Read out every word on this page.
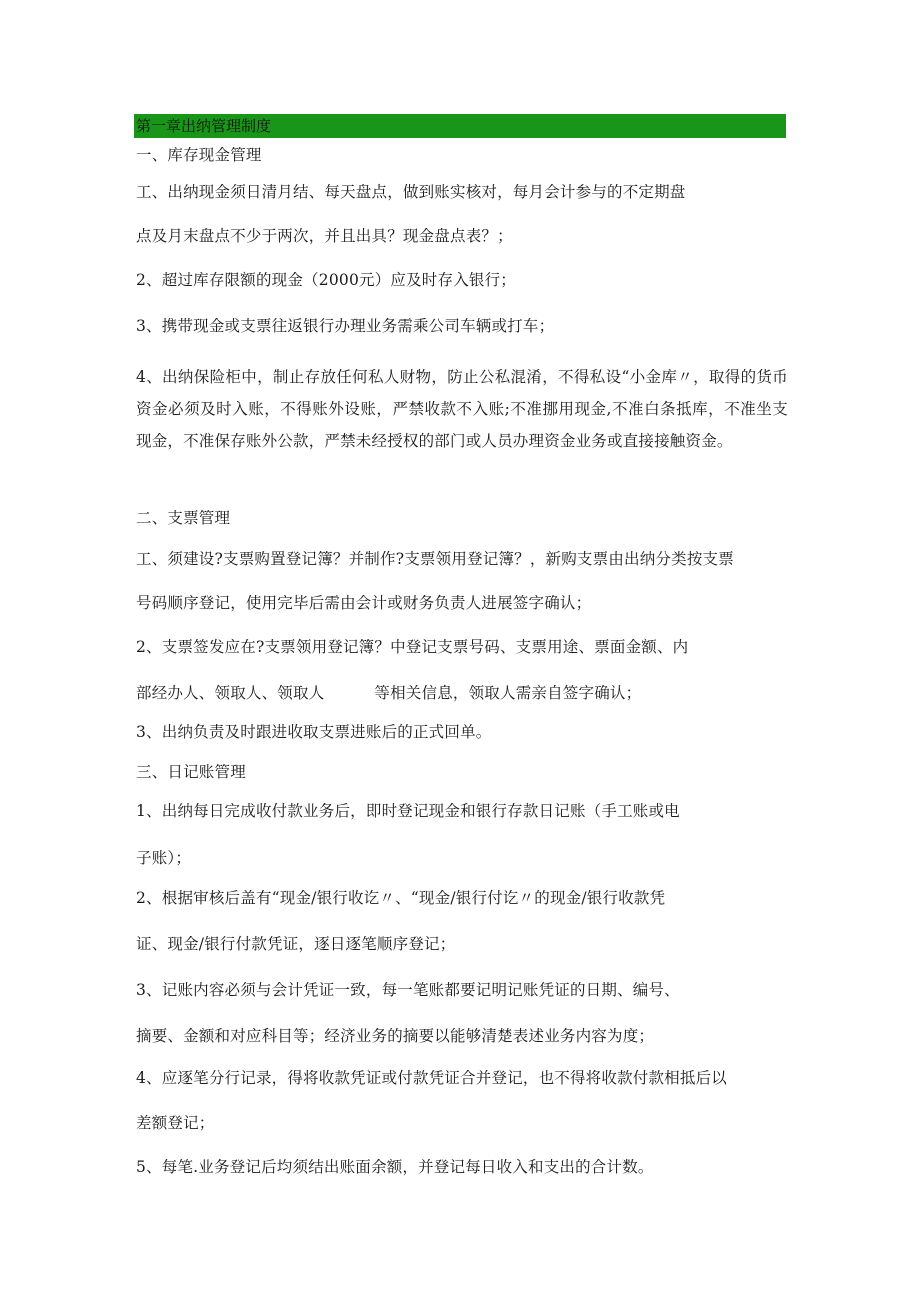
第一章出纳管理制度
一、库存现金管理
工、出纳现金须日清月结、每天盘点，做到账实核对，每月会计参与的不定期盘
点及月末盘点不少于两次，并且出具？现金盘点表？；
2、超过库存限额的现金（2000元）应及时存入银行；
3、携带现金或支票往返银行办理业务需乘公司车辆或打车；
4、出纳保险柜中，制止存放任何私人财物，防止公私混淆，不得私设“小金库〃，取得的货币资金必须及时入账，不得账外设账，严禁收款不入账;不准挪用现金,不准白条抵库，不准坐支现金，不准保存账外公款，严禁未经授权的部门或人员办理资金业务或直接接触资金。
二、支票管理
工、须建设?支票购置登记簿？并制作?支票领用登记簿？，新购支票由出纳分类按支票
号码顺序登记，使用完毕后需由会计或财务负责人进展签字确认；
2、支票签发应在?支票领用登记簿？中登记支票号码、支票用途、票面金额、内
部经办人、领取人、领取人	等相关信息，领取人需亲自签字确认；
3、出纳负责及时跟进收取支票进账后的正式回单。
三、日记账管理
1、出纳每日完成收付款业务后，即时登记现金和银行存款日记账（手工账或电
子账）；
2、根据审核后盖有“现金/银行收讫〃、“现金/银行付讫〃的现金/银行收款凭
证、现金/银行付款凭证，逐日逐笔顺序登记；
3、记账内容必须与会计凭证一致，每一笔账都要记明记账凭证的日期、编号、
摘要、金额和对应科目等；经济业务的摘要以能够清楚表述业务内容为度；
4、应逐笔分行记录，得将收款凭证或付款凭证合并登记，也不得将收款付款相抵后以
差额登记；
5、每笔.业务登记后均须结出账面余额，并登记每日收入和支出的合计数。
